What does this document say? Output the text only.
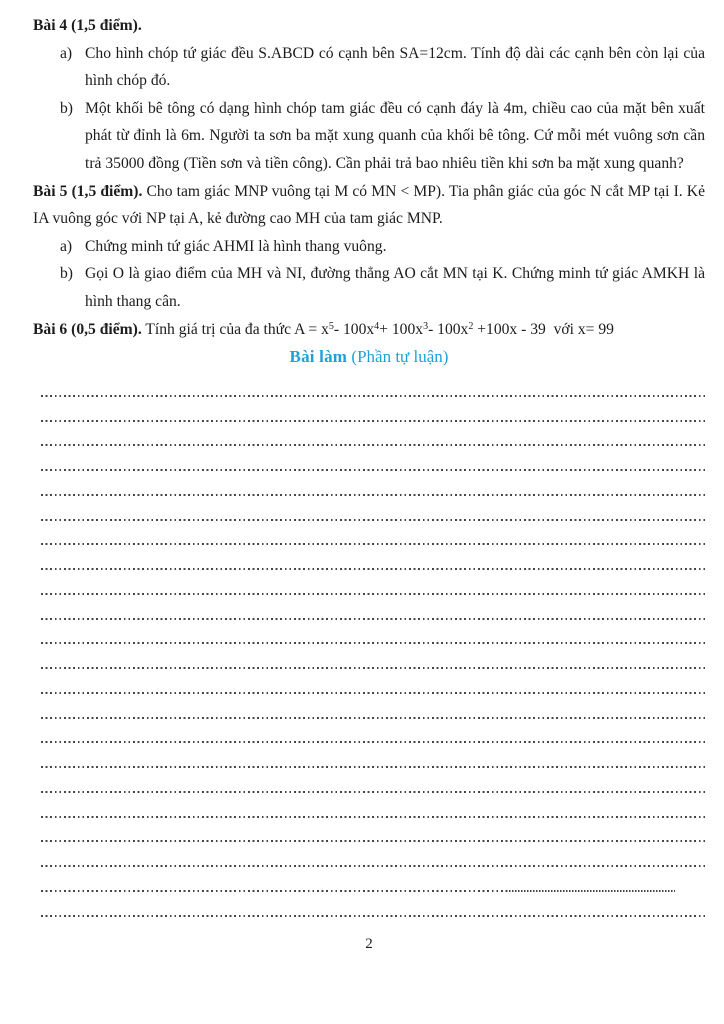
Bài 4 (1,5 điểm).

a) Cho hình chóp tứ giác đều S.ABCD có cạnh bên SA=12cm. Tính độ dài các cạnh bên còn lại của hình chóp đó.
b) Một khối bê tông có dạng hình chóp tam giác đều có cạnh đáy là 4m, chiều cao của mặt bên xuất phát từ đỉnh là 6m. Người ta sơn ba mặt xung quanh của khối bê tông. Cứ mỗi mét vuông sơn cần trả 35000 đồng (Tiền sơn và tiền công). Cần phải trả bao nhiêu tiền khi sơn ba mặt xung quanh?

Bài 5 (1,5 điểm). Cho tam giác MNP vuông tại M có MN < MP). Tia phân giác của góc N cắt MP tại I. Kẻ IA vuông góc với NP tại A, kẻ đường cao MH của tam giác MNP.

a) Chứng minh tứ giác AHMI là hình thang vuông.
b) Gọi O là giao điểm của MH và NI, đường thẳng AO cắt MN tại K. Chứng minh tứ giác AMKH là hình thang cân.

Bài 6 (0,5 điểm). Tính giá trị của đa thức $A = x^5-$ $100x^4+ 100x^3-$ $100x^2 +100x - 39$  với x= 99

Bài làm (Phần tự luận)

2
